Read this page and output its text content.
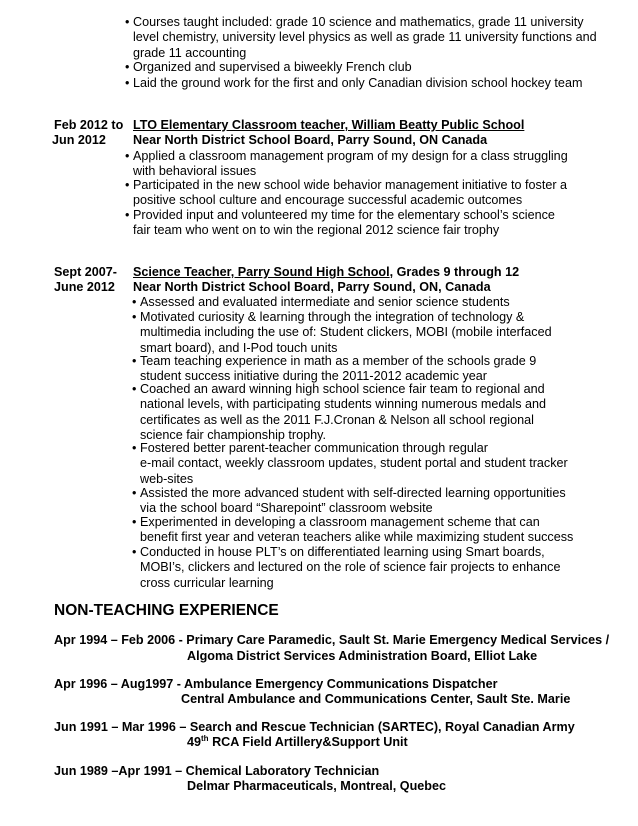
• Courses taught included: grade 10 science and mathematics, grade 11 university
level chemistry, university level physics as well as grade 11 university functions and
grade 11 accounting
• Organized and supervised a biweekly French club
• Laid the ground work for the first and only Canadian division school hockey team
Feb 2012 to
Jun 2012
LTO Elementary Classroom teacher, William Beatty Public School
Near North District School Board, Parry Sound, ON Canada
• Applied a classroom management program of my design for a class struggling
with behavioral issues
• Participated in the new school wide behavior management initiative to foster a
positive school culture and encourage successful academic outcomes
• Provided input and volunteered my time for the elementary school’s science
fair team who went on to win the regional 2012 science fair trophy
Sept 2007-
June 2012
Science Teacher, Parry Sound High School, Grades 9 through 12
Near North District School Board, Parry Sound, ON, Canada
• Assessed and evaluated intermediate and senior science students
• Motivated curiosity & learning through the integration of technology &
multimedia including the use of: Student clickers, MOBI (mobile interfaced
smart board), and I-Pod touch units
• Team teaching experience in math as a member of the schools grade 9
student success initiative during the 2011-2012 academic year
• Coached an award winning high school science fair team to regional and
national levels, with participating students winning numerous medals and
certificates as well as the 2011 F.J.Cronan & Nelson all school regional
science fair championship trophy.
• Fostered better parent-teacher communication through regular
e-mail contact, weekly classroom updates, student portal and student tracker
web-sites
• Assisted the more advanced student with self-directed learning opportunities
via the school board “Sharepoint” classroom website
• Experimented in developing a classroom management scheme that can
benefit first year and veteran teachers alike while maximizing student success
• Conducted in house PLT’s on differentiated learning using Smart boards,
MOBI’s, clickers and lectured on the role of science fair projects to enhance
cross curricular learning
NON-TEACHING EXPERIENCE
Apr 1994 – Feb 2006 - Primary Care Paramedic, Sault St. Marie Emergency Medical Services /
Algoma District Services Administration Board, Elliot Lake
Apr 1996 – Aug1997 - Ambulance Emergency Communications Dispatcher
Central Ambulance and Communications Center, Sault Ste. Marie
Jun 1991 – Mar 1996 – Search and Rescue Technician (SARTEC), Royal Canadian Army
49th RCA Field Artillery&Support Unit
Jun 1989 –Apr 1991 – Chemical Laboratory Technician
Delmar Pharmaceuticals, Montreal, Quebec
